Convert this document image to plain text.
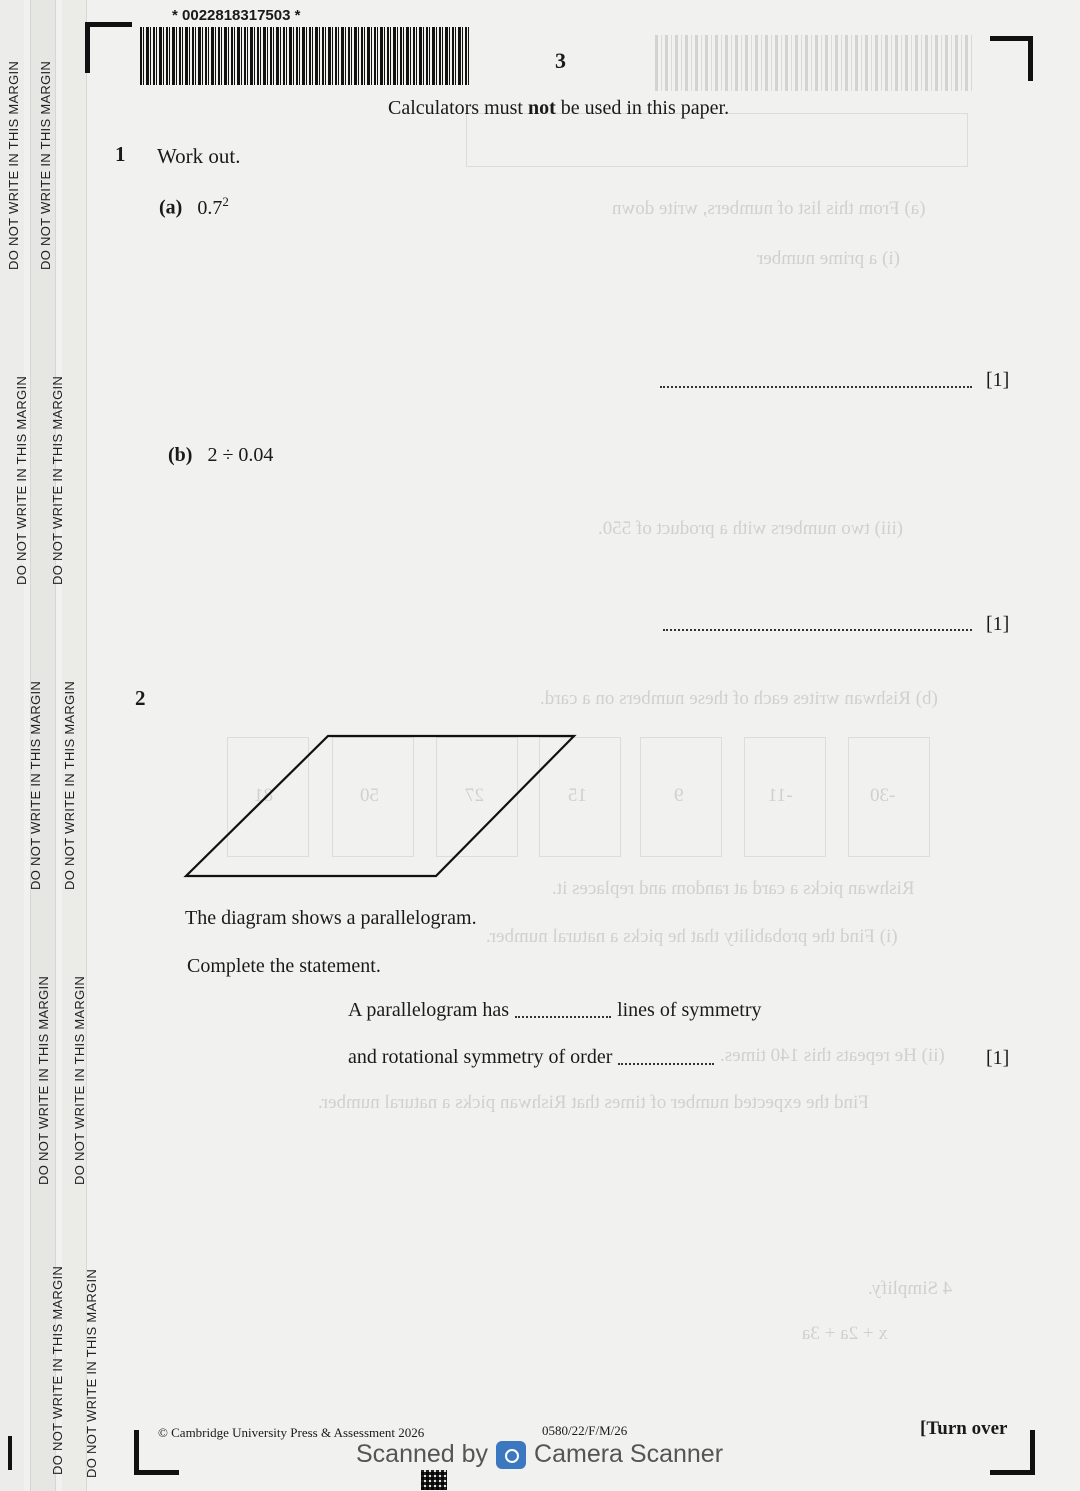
DO NOT WRITE IN THIS MARGIN DO NOT WRITE IN THIS MARGIN
DO NOT WRITE IN THIS MARGIN DO NOT WRITE IN THIS MARGIN
DO NOT WRITE IN THIS MARGIN DO NOT WRITE IN THIS MARGIN
DO NOT WRITE IN THIS MARGIN DO NOT WRITE IN THIS MARGIN
DO NOT WRITE IN THIS MARGIN DO NOT WRITE IN THIS MARGIN
(a) From this list of numbers, write down
(i) a prime number
(iii) two numbers with a product of 550.
(b) Rishwan writes each of these numbers on a card.
Rishwan picks a card at random and replaces it.
(i) Find the probability that he picks a natural number.
(ii) He repeats this 140 times.
Find the expected number of times that Rishwan picks a natural number.
4 Simplify.
x + 2a + 3a
81	50	27	15	9	-11	-30
* 0022818317503 *
3
Calculators must not be used in this paper.
1 Work out.
(a) $0.7^2$
[1]
(b) 2 ÷ 0.04
[1]
2
The diagram shows a parallelogram.
Complete the statement.
A parallelogram has	lines of symmetry
and rotational symmetry of order	[1]
© Cambridge University Press & Assessment 2026	0580/22/F/M/26	[Turn over
Scanned by Camera Scanner
